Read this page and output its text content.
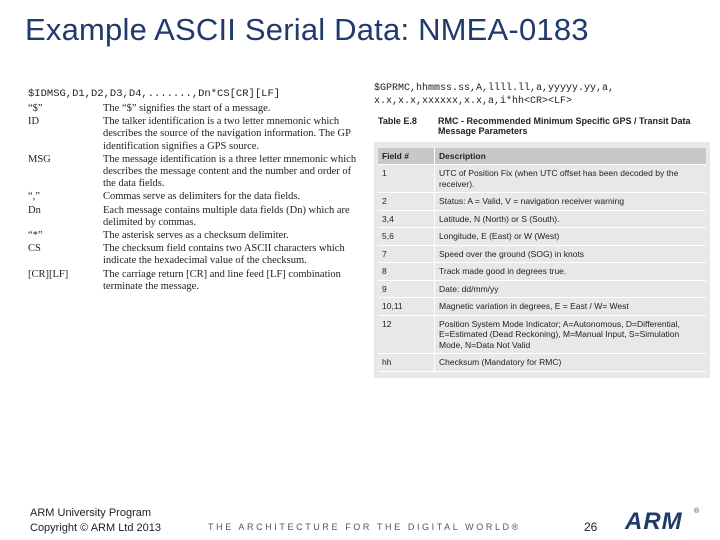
Example ASCII Serial Data: NMEA-0183
$IDMSG,D1,D2,D3,D4,.......,Dn*CS[CR][LF]
“$”	The “$” signifies the start of a message.
ID	The talker identification is a two letter mnemonic which describes the source of the navigation information. The GP identification signifies a GPS source.
MSG	The message identification is a three letter mnemonic which describes the message content and the number and order of the data fields.
“,”	Commas serve as delimiters for the data fields.
Dn	Each message contains multiple data fields (Dn) which are delimited by commas.
“*”	The asterisk serves as a checksum delimiter.
CS	The checksum field contains two ASCII characters which indicate the hexadecimal value of the checksum.
[CR][LF]	The carriage return [CR] and line feed [LF] combination terminate the message.
$GPRMC,hhmmss.ss,A,llll.ll,a,yyyyy.yy,a,
x.x,x.x,xxxxxx,x.x,a,i*hh<CR><LF>
Table E.8	RMC - Recommended Minimum Specific GPS / Transit Data Message Parameters
Field #	Description
1	UTC of Position Fix (when UTC offset has been decoded by the receiver).
2	Status: A = Valid, V = navigation receiver warning
3,4	Latitude, N (North) or S (South).
5,6	Longitude, E (East) or W (West)
7	Speed over the ground (SOG) in knots
8	Track made good in degrees true.
9	Date: dd/mm/yy
10,11	Magnetic variation in degrees, E = East / W= West
12	Position System Mode Indicator; A=Autonomous, D=Differential, E=Estimated (Dead Reckoning), M=Manual Input, S=Simulation Mode, N=Data Not Valid
hh	Checksum (Mandatory for RMC)
ARM University Program
Copyright © ARM Ltd 2013	THE ARCHITECTURE FOR THE DIGITAL WORLD®	26 ARM ®
